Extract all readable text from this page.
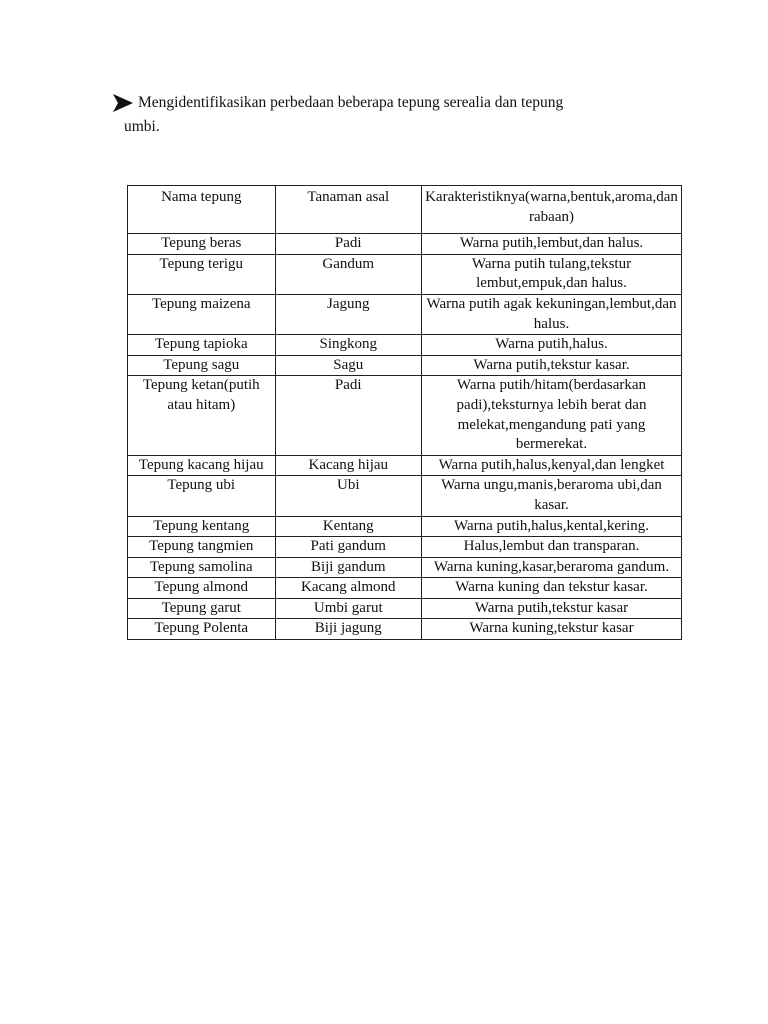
Mengidentifikasikan perbedaan beberapa tepung serealia dan tepung
umbi.
Nama tepung	Tanaman asal	Karakteristiknya(warna,bentuk,aroma,dan rabaan)
Tepung beras	Padi	Warna putih,lembut,dan halus.
Tepung terigu	Gandum	Warna putih tulang,tekstur lembut,empuk,dan halus.
Tepung maizena	Jagung	Warna putih agak kekuningan,lembut,dan halus.
Tepung tapioka	Singkong	Warna putih,halus.
Tepung sagu	Sagu	Warna putih,tekstur kasar.
Tepung ketan(putih atau hitam)	Padi	Warna putih/hitam(berdasarkan padi),teksturnya lebih berat dan melekat,mengandung pati yang bermerekat.
Tepung kacang hijau	Kacang hijau	Warna putih,halus,kenyal,dan lengket
Tepung ubi	Ubi	Warna ungu,manis,beraroma ubi,dan kasar.
Tepung kentang	Kentang	Warna putih,halus,kental,kering.
Tepung tangmien	Pati gandum	Halus,lembut dan transparan.
Tepung samolina	Biji gandum	Warna kuning,kasar,beraroma gandum.
Tepung almond	Kacang almond	Warna kuning dan tekstur kasar.
Tepung garut	Umbi garut	Warna putih,tekstur kasar
Tepung Polenta	Biji jagung	Warna kuning,tekstur kasar
